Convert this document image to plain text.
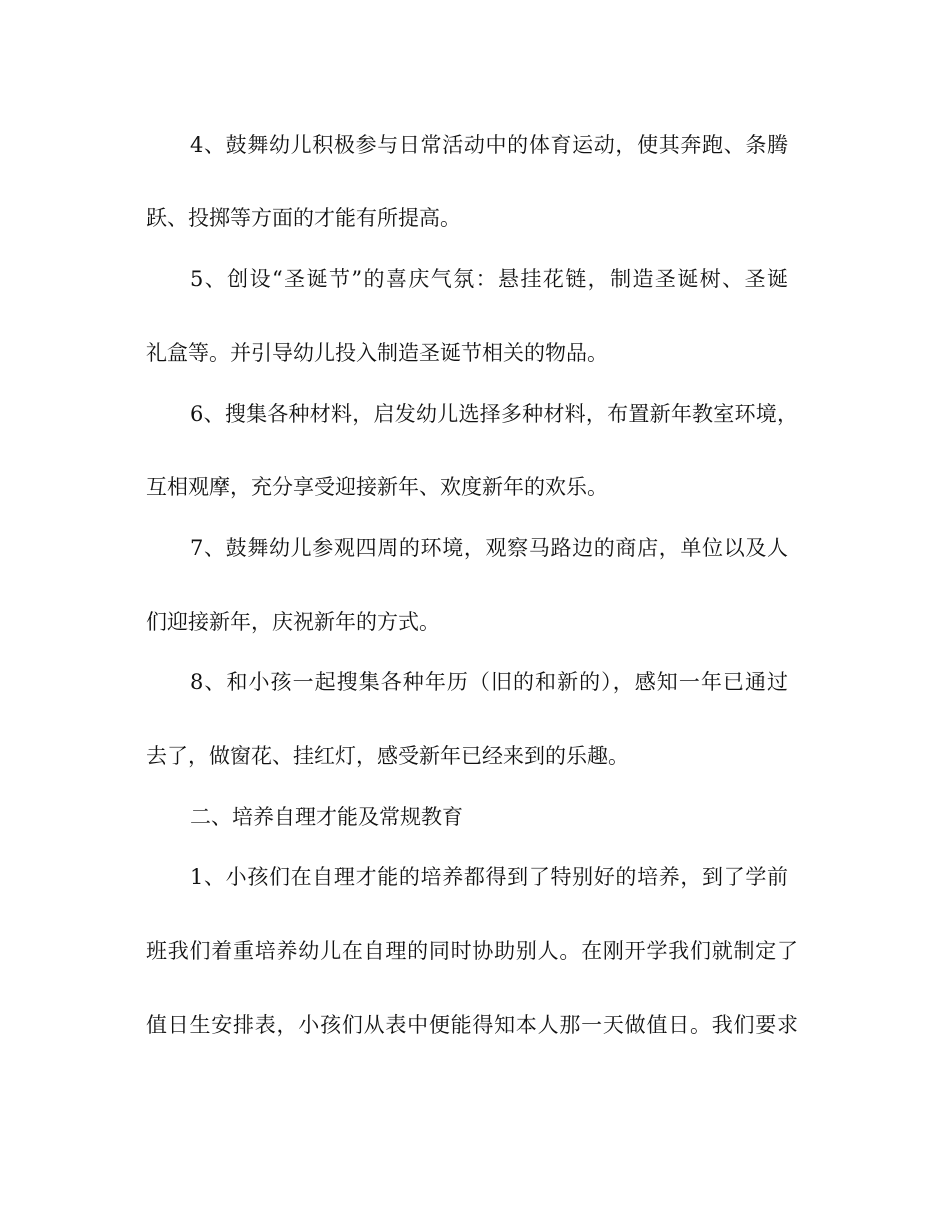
4、鼓舞幼儿积极参与日常活动中的体育运动，使其奔跑、条腾
跃、投掷等方面的才能有所提高。
5、创设“圣诞节”的喜庆气氛：悬挂花链，制造圣诞树、圣诞
礼盒等。并引导幼儿投入制造圣诞节相关的物品。
6、搜集各种材料，启发幼儿选择多种材料，布置新年教室环境，
互相观摩，充分享受迎接新年、欢度新年的欢乐。
7、鼓舞幼儿参观四周的环境，观察马路边的商店，单位以及人
们迎接新年，庆祝新年的方式。
8、和小孩一起搜集各种年历（旧的和新的），感知一年已通过
去了，做窗花、挂红灯，感受新年已经来到的乐趣。
二、培养自理才能及常规教育
1、小孩们在自理才能的培养都得到了特别好的培养，到了学前
班我们着重培养幼儿在自理的同时协助别人。在刚开学我们就制定了
值日生安排表，小孩们从表中便能得知本人那一天做值日。我们要求
